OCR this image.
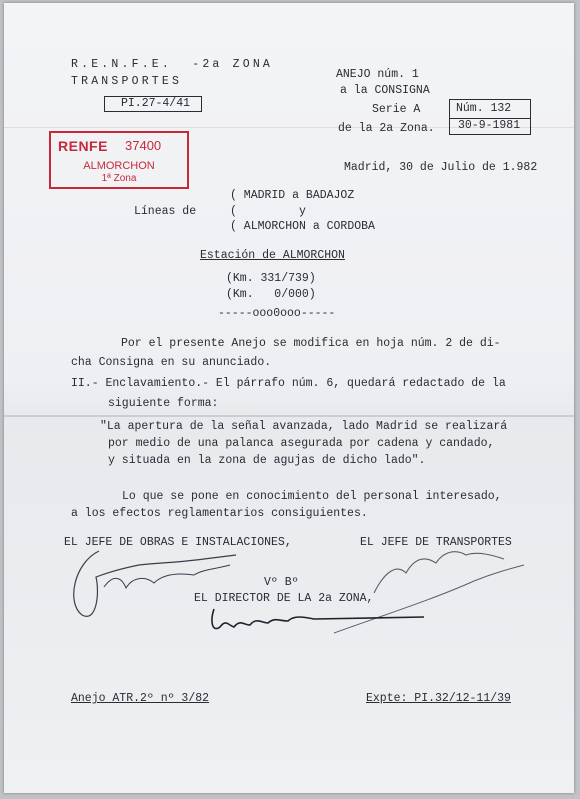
R.E.N.F.E.  -2a ZONA
TRANSPORTES
PI.27-4/41
ANEJO núm. 1
a la CONSIGNA
Serie A
de la 2a Zona.
Núm. 132
30-9-1981
RENFE 37400
ALMORCHON
1ª Zona
Madrid, 30 de Julio de 1.982
Líneas de
( MADRID a BADAJOZ
(         y
( ALMORCHON a CORDOBA
Estación de ALMORCHON
(Km. 331/739)
(Km.   0/000)
-----ooo0ooo-----
Por el presente Anejo se modifica en hoja núm. 2 de di-
cha Consigna en su anunciado.
II.- Enclavamiento.- El párrafo núm. 6, quedará redactado de la
siguiente forma:
"La apertura de la señal avanzada, lado Madrid se realizará
por medio de una palanca asegurada por cadena y candado,
y situada en la zona de agujas de dicho lado".
Lo que se pone en conocimiento del personal interesado,
a los efectos reglamentarios consiguientes.
EL JEFE DE OBRAS E INSTALACIONES,	EL JEFE DE TRANSPORTES
Vº Bº
EL DIRECTOR DE LA 2a ZONA,
Anejo ATR.2º nº 3/82	Expte: PI.32/12-11/39
